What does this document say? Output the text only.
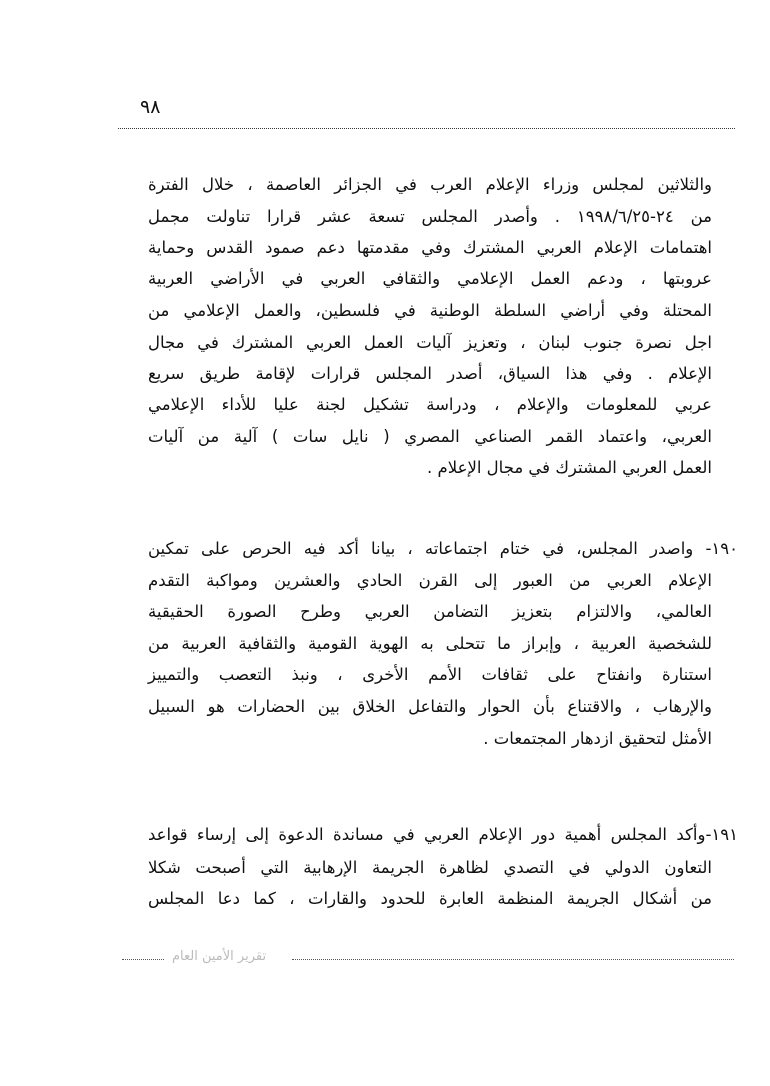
٩٨
والثلاثين لمجلس وزراء الإعلام العرب في الجزائر العاصمة ، خلال الفترة
من ٢٤-١٩٩٨/٦/٢٥ . وأصدر المجلس تسعة عشر قرارا تناولت مجمل
اهتمامات الإعلام العربي المشترك وفي مقدمتها دعم صمود القدس وحماية
عروبتها ، ودعم العمل الإعلامي والثقافي العربي في الأراضي العربية
المحتلة وفي أراضي السلطة الوطنية في فلسطين، والعمل الإعلامي من
اجل نصرة جنوب لبنان ، وتعزيز آليات العمل العربي المشترك في مجال
الإعلام . وفي هذا السياق، أصدر المجلس قرارات لإقامة طريق سريع
عربي للمعلومات والإعلام ، ودراسة تشكيل لجنة عليا للأداء الإعلامي
العربي، واعتماد القمر الصناعي المصري ( نايل سات ) آلية من آليات
العمل العربي المشترك في مجال الإعلام .
١٩٠- واصدر المجلس، في ختام اجتماعاته ، بيانا أكد فيه الحرص على تمكين
الإعلام العربي من العبور إلى القرن الحادي والعشرين ومواكبة التقدم
العالمي، والالتزام بتعزيز التضامن العربي وطرح الصورة الحقيقية
للشخصية العربية ، وإبراز ما تتحلى به الهوية القومية والثقافية العربية من
استنارة وانفتاح على ثقافات الأمم الأخرى ، ونبذ التعصب والتمييز
والإرهاب ، والاقتناع بأن الحوار والتفاعل الخلاق بين الحضارات هو السبيل
الأمثل لتحقيق ازدهار المجتمعات .
١٩١-وأكد المجلس أهمية دور الإعلام العربي في مساندة الدعوة إلى إرساء قواعد
التعاون الدولي في التصدي لظاهرة الجريمة الإرهابية التي أصبحت شكلا
من أشكال الجريمة المنظمة العابرة للحدود والقارات ، كما دعا المجلس
تقرير الأمين العام
